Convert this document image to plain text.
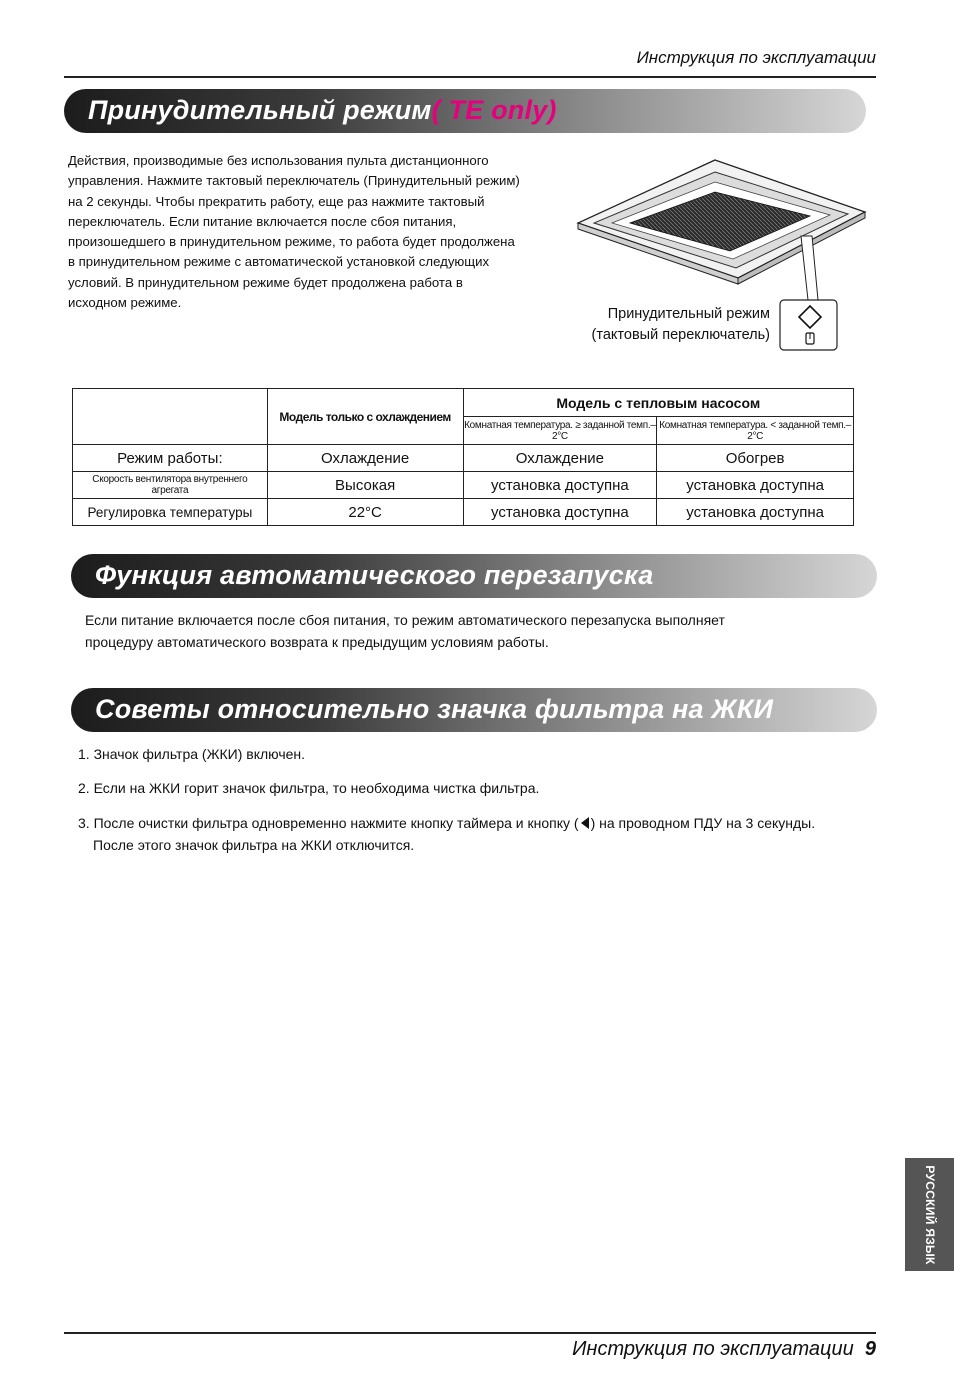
Инструкция по эксплуатации
Принудительный режим( TE only)
Действия, производимые без использования пульта дистанционного
управления. Нажмите тактовый переключатель (Принудительный режим)
на 2 секунды. Чтобы прекратить работу, еще раз нажмите тактовый
переключатель. Если питание включается после сбоя питания,
произошедшего в принудительном режиме, то работа будет продолжена
в принудительном режиме с автоматической установкой следующих
условий. В принудительном режиме будет продолжена работа в
исходном режиме.
Принудительный режим
(тактовый переключатель)
	Модель только с охлаждением	Модель с тепловым насосом	
		Комнатная температура. ≥ заданной темп.–2°C	Комнатная температура. < заданной темп.–2°C
Режим работы:	Охлаждение	Охлаждение	Обогрев
Скорость вентилятора внутреннего агрегата	Высокая	установка доступна	установка доступна
Регулировка температуры	22°C	установка доступна	установка доступна
Функция автоматического перезапуска
Если питание включается после сбоя питания, то режим автоматического перезапуска выполняет
процедуру автоматического возврата к предыдущим условиям работы.
Советы относительно значка фильтра на ЖКИ
1. Значок фильтра (ЖКИ) включен.
2. Если на ЖКИ горит значок фильтра, то необходима чистка фильтра.
3. После очистки фильтра одновременно нажмите кнопку таймера и кнопку ( ) на проводном ПДУ на 3 секунды.
После этого значок фильтра на ЖКИ отключится.
РУССКИЙ ЯЗЫК
Инструкция по эксплуатации 9
